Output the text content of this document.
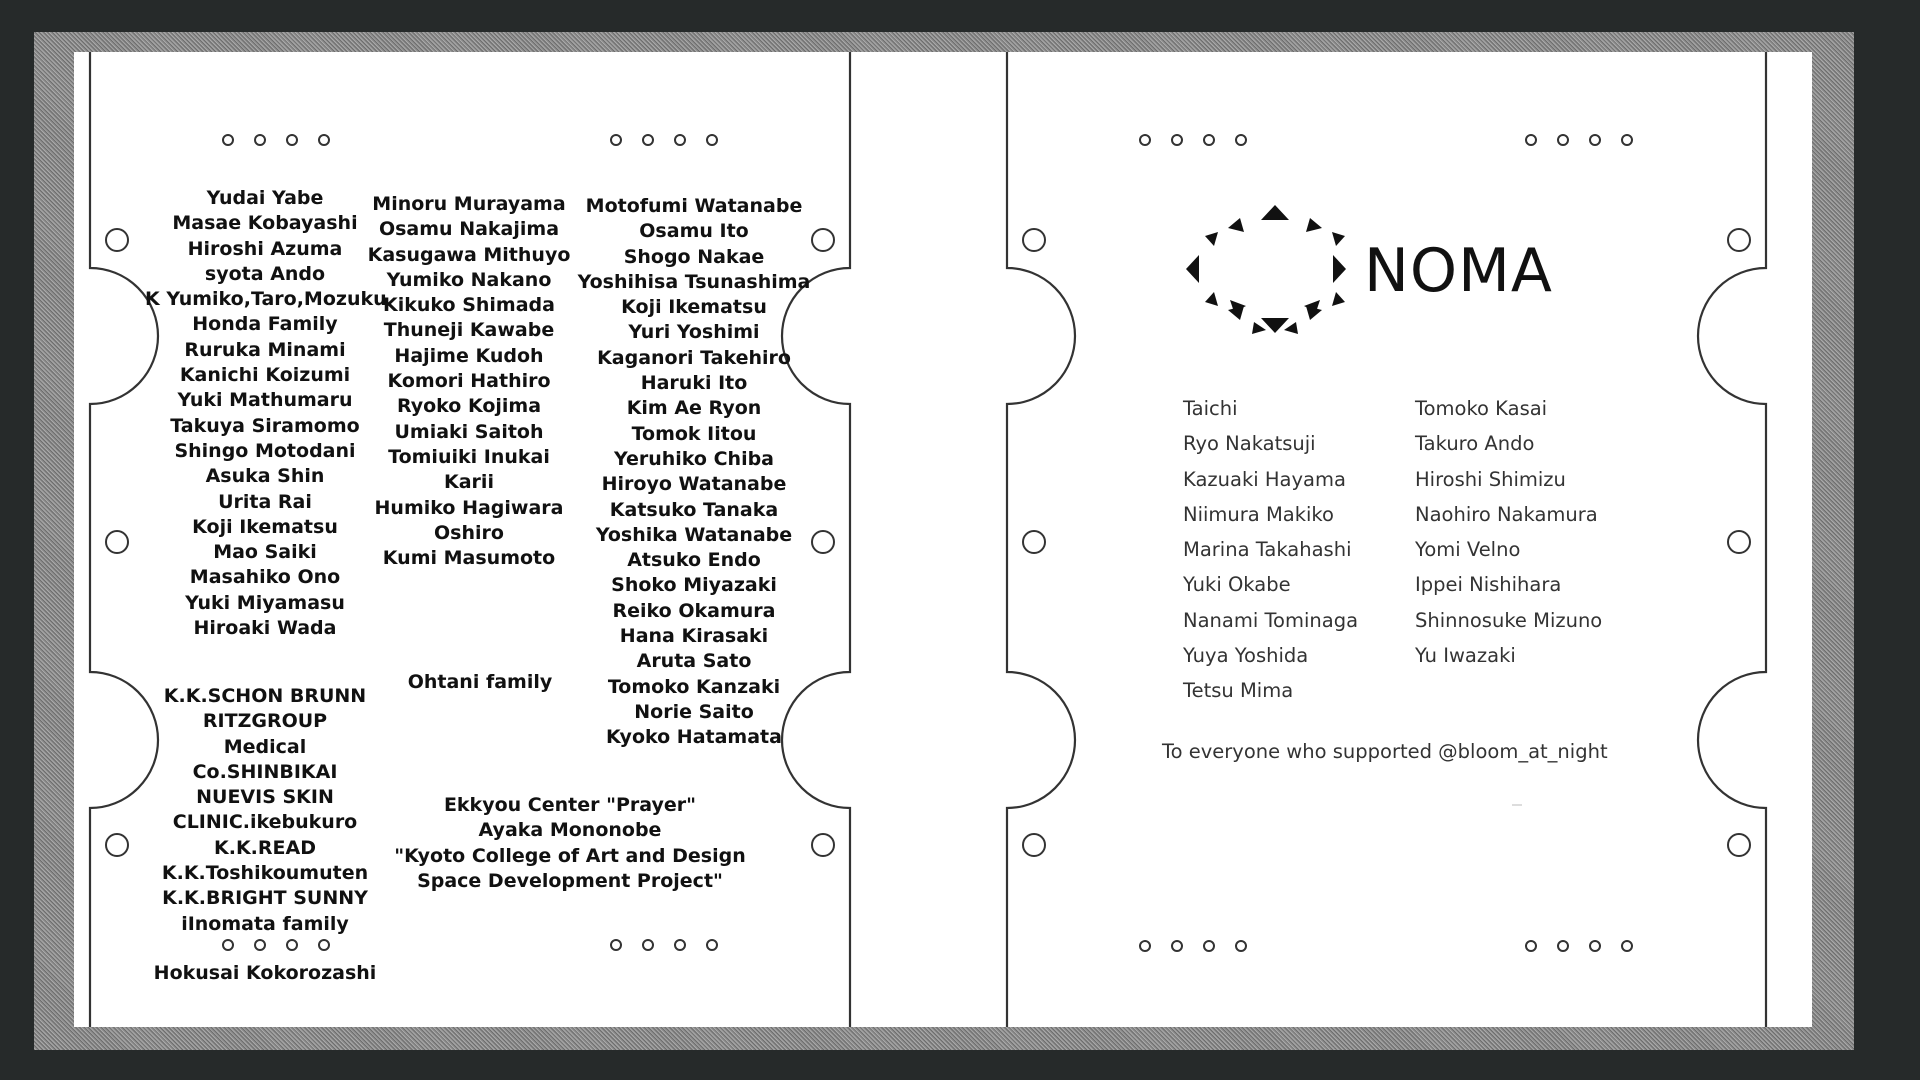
Yudai Yabe
Masae Kobayashi
Hiroshi Azuma
syota Ando
K Yumiko,Taro,Mozuku
Honda Family
Ruruka Minami
Kanichi Koizumi
Yuki Mathumaru
Takuya Siramomo
Shingo Motodani
Asuka Shin
Urita Rai
Koji Ikematsu
Mao Saiki
Masahiko Ono
Yuki Miyamasu
Hiroaki Wada
Minoru Murayama
Osamu Nakajima
Kasugawa Mithuyo
Yumiko Nakano
Kikuko Shimada
Thuneji Kawabe
Hajime Kudoh
Komori Hathiro
Ryoko Kojima
Umiaki Saitoh
Tomiuiki Inukai
Karii
Humiko Hagiwara
Oshiro
Kumi Masumoto
Motofumi Watanabe
Osamu Ito
Shogo Nakae
Yoshihisa Tsunashima
Koji Ikematsu
Yuri Yoshimi
Kaganori Takehiro
Haruki Ito
Kim Ae Ryon
Tomok Iitou
Yeruhiko Chiba
Hiroyo Watanabe
Katsuko Tanaka
Yoshika Watanabe
Atsuko Endo
Shoko Miyazaki
Reiko Okamura
Hana Kirasaki
Aruta Sato
Tomoko Kanzaki
Norie Saito
Kyoko Hatamata
K.K.SCHON BRUNN
RITZGROUP
Medical
Co.SHINBIKAI
NUEVIS SKIN
CLINIC.ikebukuro
K.K.READ
K.K.Toshikoumuten
K.K.BRIGHT SUNNY
iInomata family
Hokusai Kokorozashi
Ohtani family
Ekkyou Center "Prayer"
Ayaka Mononobe
"Kyoto College of Art and Design
Space Development Project"
NOMA
Taichi
Ryo Nakatsuji
Kazuaki Hayama
Niimura Makiko
Marina Takahashi
Yuki Okabe
Nanami Tominaga
Yuya Yoshida
Tetsu Mima
Tomoko Kasai
Takuro Ando
Hiroshi Shimizu
Naohiro Nakamura
Yomi Velno
Ippei Nishihara
Shinnosuke Mizuno
Yu Iwazaki
To everyone who supported @bloom_at_night
